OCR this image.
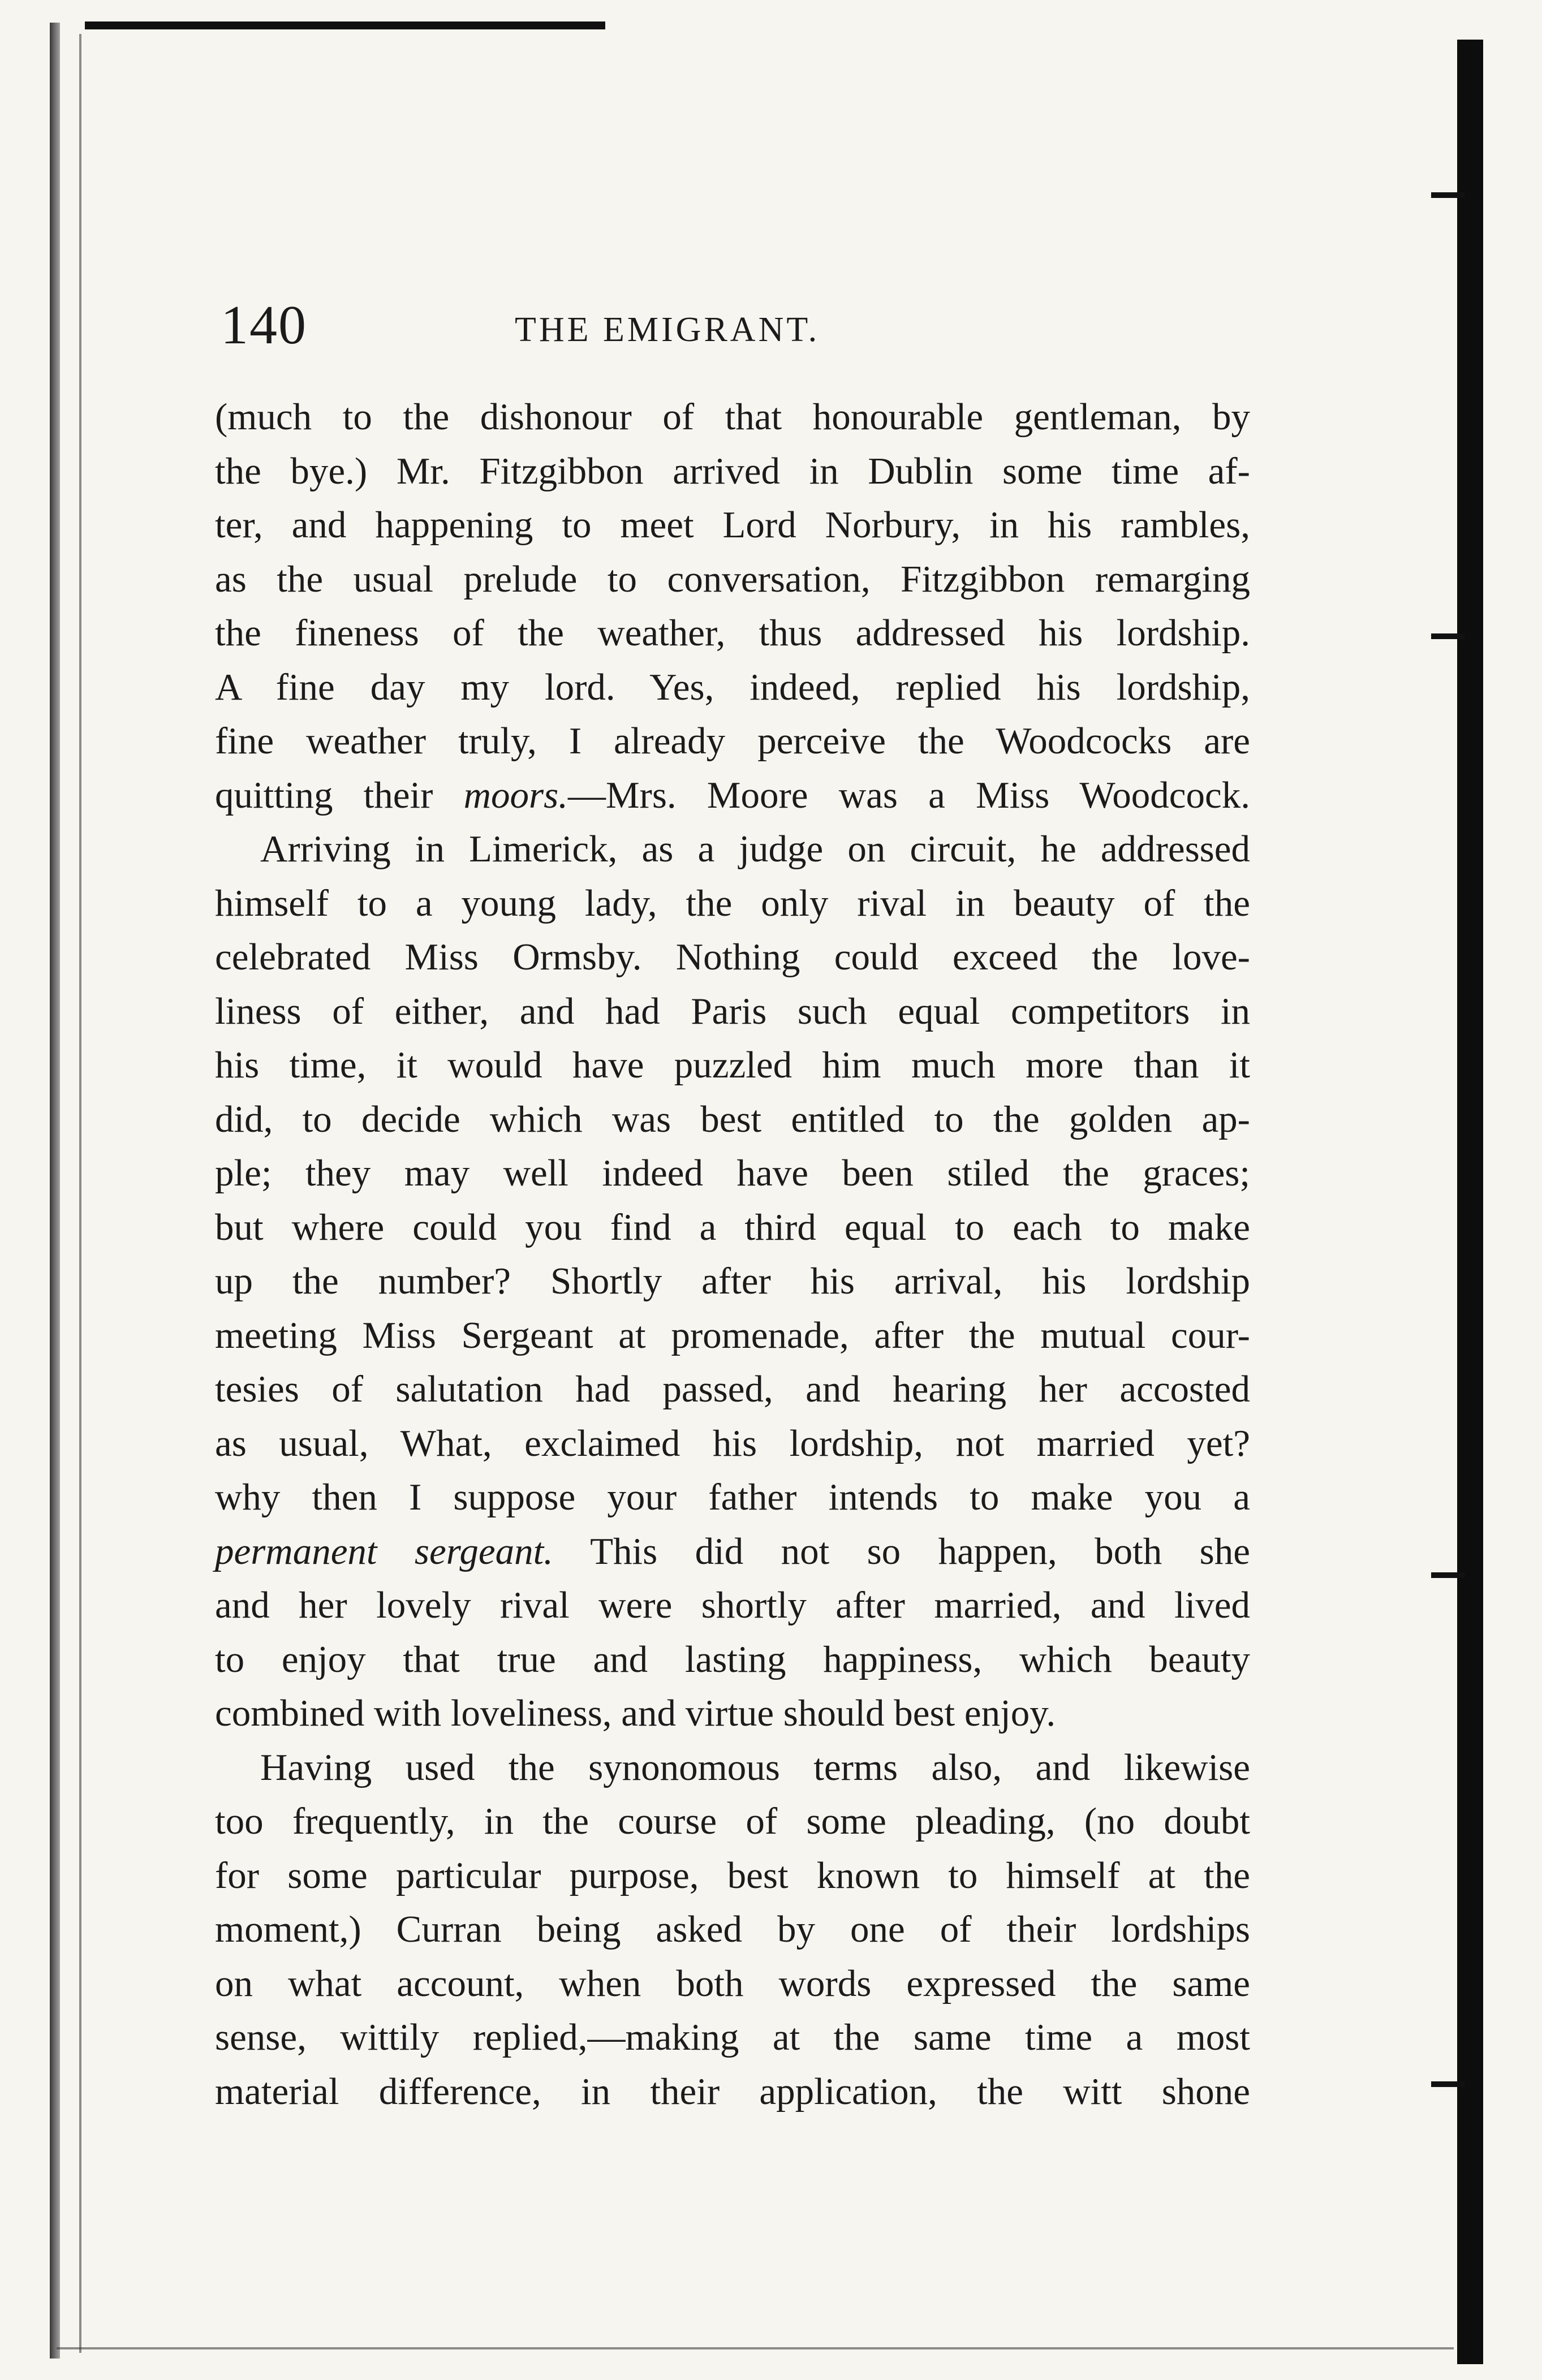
140	THE EMIGRANT.
(much to the dishonour of that honourable gentleman, by
the bye.) Mr. Fitzgibbon arrived in Dublin some time af-
ter, and happening to meet Lord Norbury, in his rambles,
as the usual prelude to conversation, Fitzgibbon remarging
the fineness of the weather, thus addressed his lordship.
A fine day my lord. Yes, indeed, replied his lordship,
fine weather truly, I already perceive the Woodcocks are
quitting their moors.—Mrs. Moore was a Miss Woodcock.
Arriving in Limerick, as a judge on circuit, he addressed
himself to a young lady, the only rival in beauty of the
celebrated Miss Ormsby. Nothing could exceed the love-
liness of either, and had Paris such equal competitors in
his time, it would have puzzled him much more than it
did, to decide which was best entitled to the golden ap-
ple; they may well indeed have been stiled the graces;
but where could you find a third equal to each to make
up the number? Shortly after his arrival, his lordship
meeting Miss Sergeant at promenade, after the mutual cour-
tesies of salutation had passed, and hearing her accosted
as usual, What, exclaimed his lordship, not married yet?
why then I suppose your father intends to make you a
permanent sergeant. This did not so happen, both she
and her lovely rival were shortly after married, and lived
to enjoy that true and lasting happiness, which beauty
combined with loveliness, and virtue should best enjoy.
Having used the synonomous terms also, and likewise
too frequently, in the course of some pleading, (no doubt
for some particular purpose, best known to himself at the
moment,) Curran being asked by one of their lordships
on what account, when both words expressed the same
sense, wittily replied,—making at the same time a most
material difference, in their application, the witt shone
